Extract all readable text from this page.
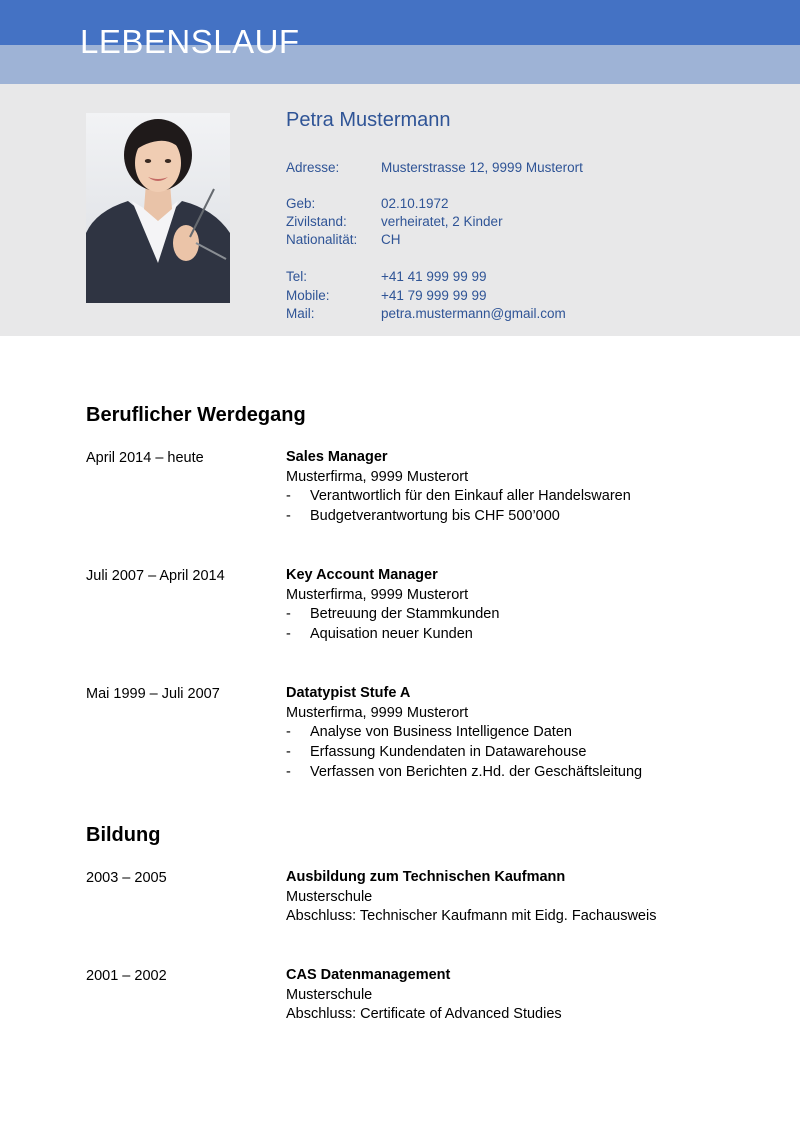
LEBENSLAUF
Petra Mustermann
Adresse:	Musterstrasse 12, 9999 Musterort
Geb:	02.10.1972
Zivilstand:	verheiratet, 2 Kinder
Nationalität: CH
Tel:	+41 41 999 99 99
Mobile:	+41 79 999 99 99
Mail:	petra.mustermann@gmail.com
Beruflicher Werdegang
April 2014 – heute	Sales Manager
Musterfirma, 9999 Musterort
- Verantwortlich für den Einkauf aller Handelswaren
- Budgetverantwortung bis CHF 500’000
Juli 2007 – April 2014	Key Account Manager
Musterfirma, 9999 Musterort
- Betreuung der Stammkunden
- Aquisation neuer Kunden
Mai 1999 – Juli 2007	Datatypist Stufe A
Musterfirma, 9999 Musterort
- Analyse von Business Intelligence Daten
- Erfassung Kundendaten in Datawarehouse
- Verfassen von Berichten z.Hd. der Geschäftsleitung
Bildung
2003 – 2005	Ausbildung zum Technischen Kaufmann
Musterschule
Abschluss: Technischer Kaufmann mit Eidg. Fachausweis
2001 – 2002	CAS Datenmanagement
Musterschule
Abschluss: Certificate of Advanced Studies
